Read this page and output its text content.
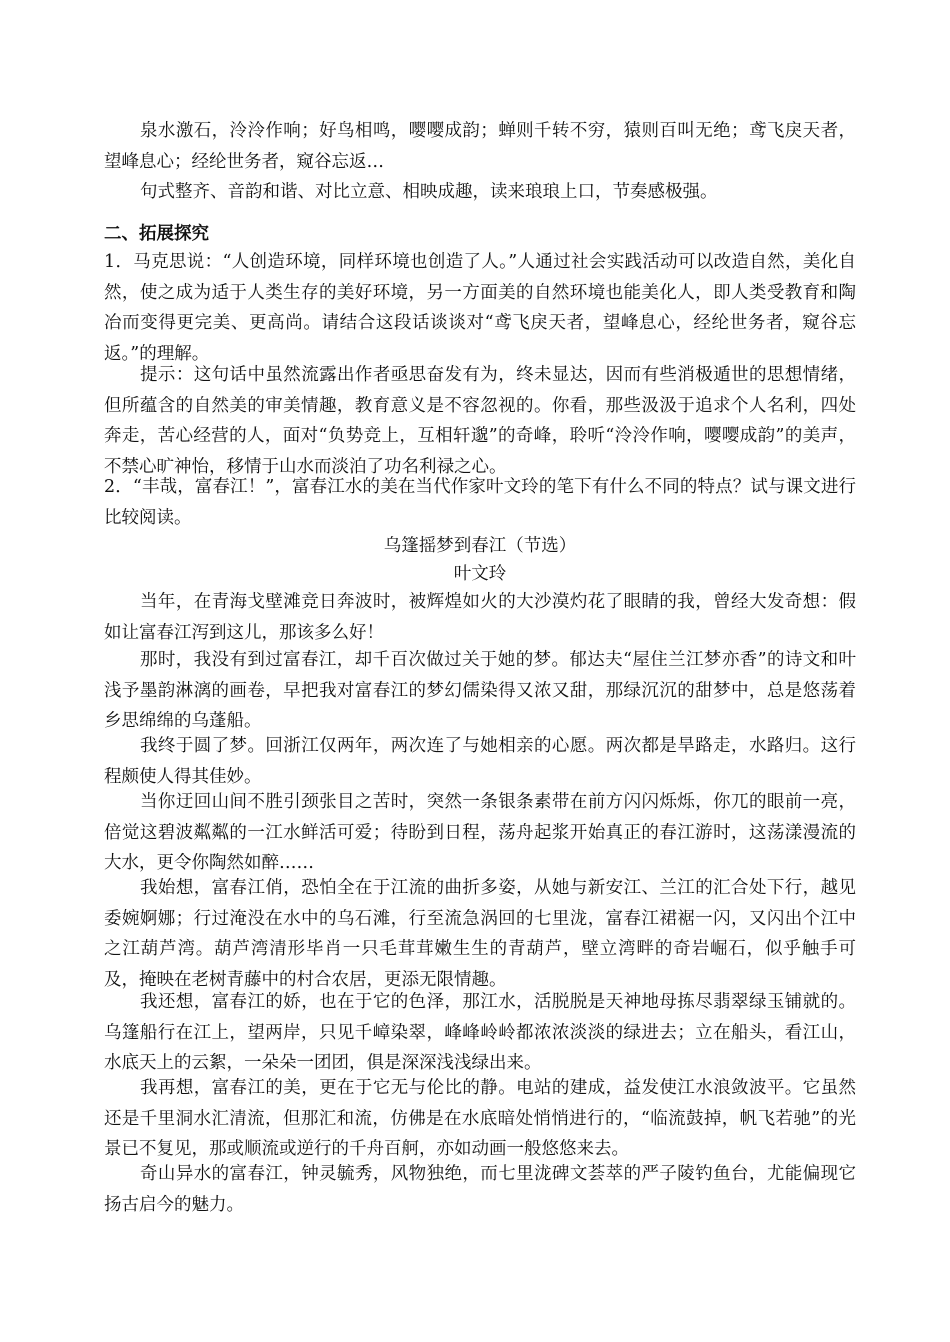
泉水激石，泠泠作响；好鸟相鸣，嘤嘤成韵；蝉则千转不穷，猿则百叫无绝；鸢飞戾天者，望峰息心；经纶世务者，窥谷忘返…

句式整齐、音韵和谐、对比立意、相映成趣，读来琅琅上口，节奏感极强。

二、拓展探究

1．马克思说：“人创造环境，同样环境也创造了人。”人通过社会实践活动可以改造自然，美化自然，使之成为适于人类生存的美好环境，另一方面美的自然环境也能美化人，即人类受教育和陶冶而变得更完美、更高尚。请结合这段话谈谈对“鸢飞戾天者，望峰息心，经纶世务者，窥谷忘返。”的理解。

提示：这句话中虽然流露出作者亟思奋发有为，终未显达，因而有些消极遁世的思想情绪，但所蕴含的自然美的审美情趣，教育意义是不容忽视的。你看，那些汲汲于追求个人名利，四处奔走，苦心经营的人，面对“负势竞上，互相轩邈”的奇峰，聆听“泠泠作响，嘤嘤成韵”的美声，不禁心旷神怡，移情于山水而淡泊了功名利禄之心。

2．“丰哉，富春江！”，富春江水的美在当代作家叶文玲的笔下有什么不同的特点？试与课文进行比较阅读。

乌篷摇梦到春江（节选）

叶文玲

当年，在青海戈壁滩竞日奔波时，被辉煌如火的大沙漠灼花了眼睛的我，曾经大发奇想：假如让富春江泻到这儿，那该多么好！

那时，我没有到过富春江，却千百次做过关于她的梦。郁达夫“屋住兰江梦亦香”的诗文和叶浅予墨韵淋漓的画卷，早把我对富春江的梦幻儒染得又浓又甜，那绿沉沉的甜梦中，总是悠荡着乡思绵绵的乌蓬船。

我终于圆了梦。回浙江仅两年，两次连了与她相亲的心愿。两次都是旱路走，水路归。这行程颇使人得其佳妙。

当你迂回山间不胜引颈张目之苦时，突然一条银条素带在前方闪闪烁烁，你兀的眼前一亮，倍觉这碧波粼粼的一江水鲜活可爱；待盼到日程，荡舟起浆开始真正的春江游时，这荡漾漫流的大水，更令你陶然如醉……

我始想，富春江俏，恐怕全在于江流的曲折多姿，从她与新安江、兰江的汇合处下行，越见委婉婀娜；行过淹没在水中的乌石滩，行至流急涡回的七里泷，富春江裙裾一闪，又闪出个江中之江葫芦湾。葫芦湾清形毕肖一只毛茸茸嫩生生的青葫芦，壁立湾畔的奇岩崛石，似乎触手可及，掩映在老树青藤中的村合农居，更添无限情趣。

我还想，富春江的娇，也在于它的色泽，那江水，活脱脱是天神地母拣尽翡翠绿玉铺就的。乌篷船行在江上，望两岸，只见千嶂染翠，峰峰岭岭都浓浓淡淡的绿进去；立在船头，看江山，水底天上的云絮，一朵朵一团团，俱是深深浅浅绿出来。

我再想，富春江的美，更在于它无与伦比的静。电站的建成，益发使江水浪敛波平。它虽然还是千里洞水汇清流，但那汇和流，仿佛是在水底暗处悄悄进行的，“临流鼓掉，帆飞若驰”的光景已不复见，那或顺流或逆行的千舟百舸，亦如动画一般悠悠来去。

奇山异水的富春江，钟灵毓秀，风物独绝，而七里泷碑文荟萃的严子陵钓鱼台，尤能偏现它扬古启今的魅力。
